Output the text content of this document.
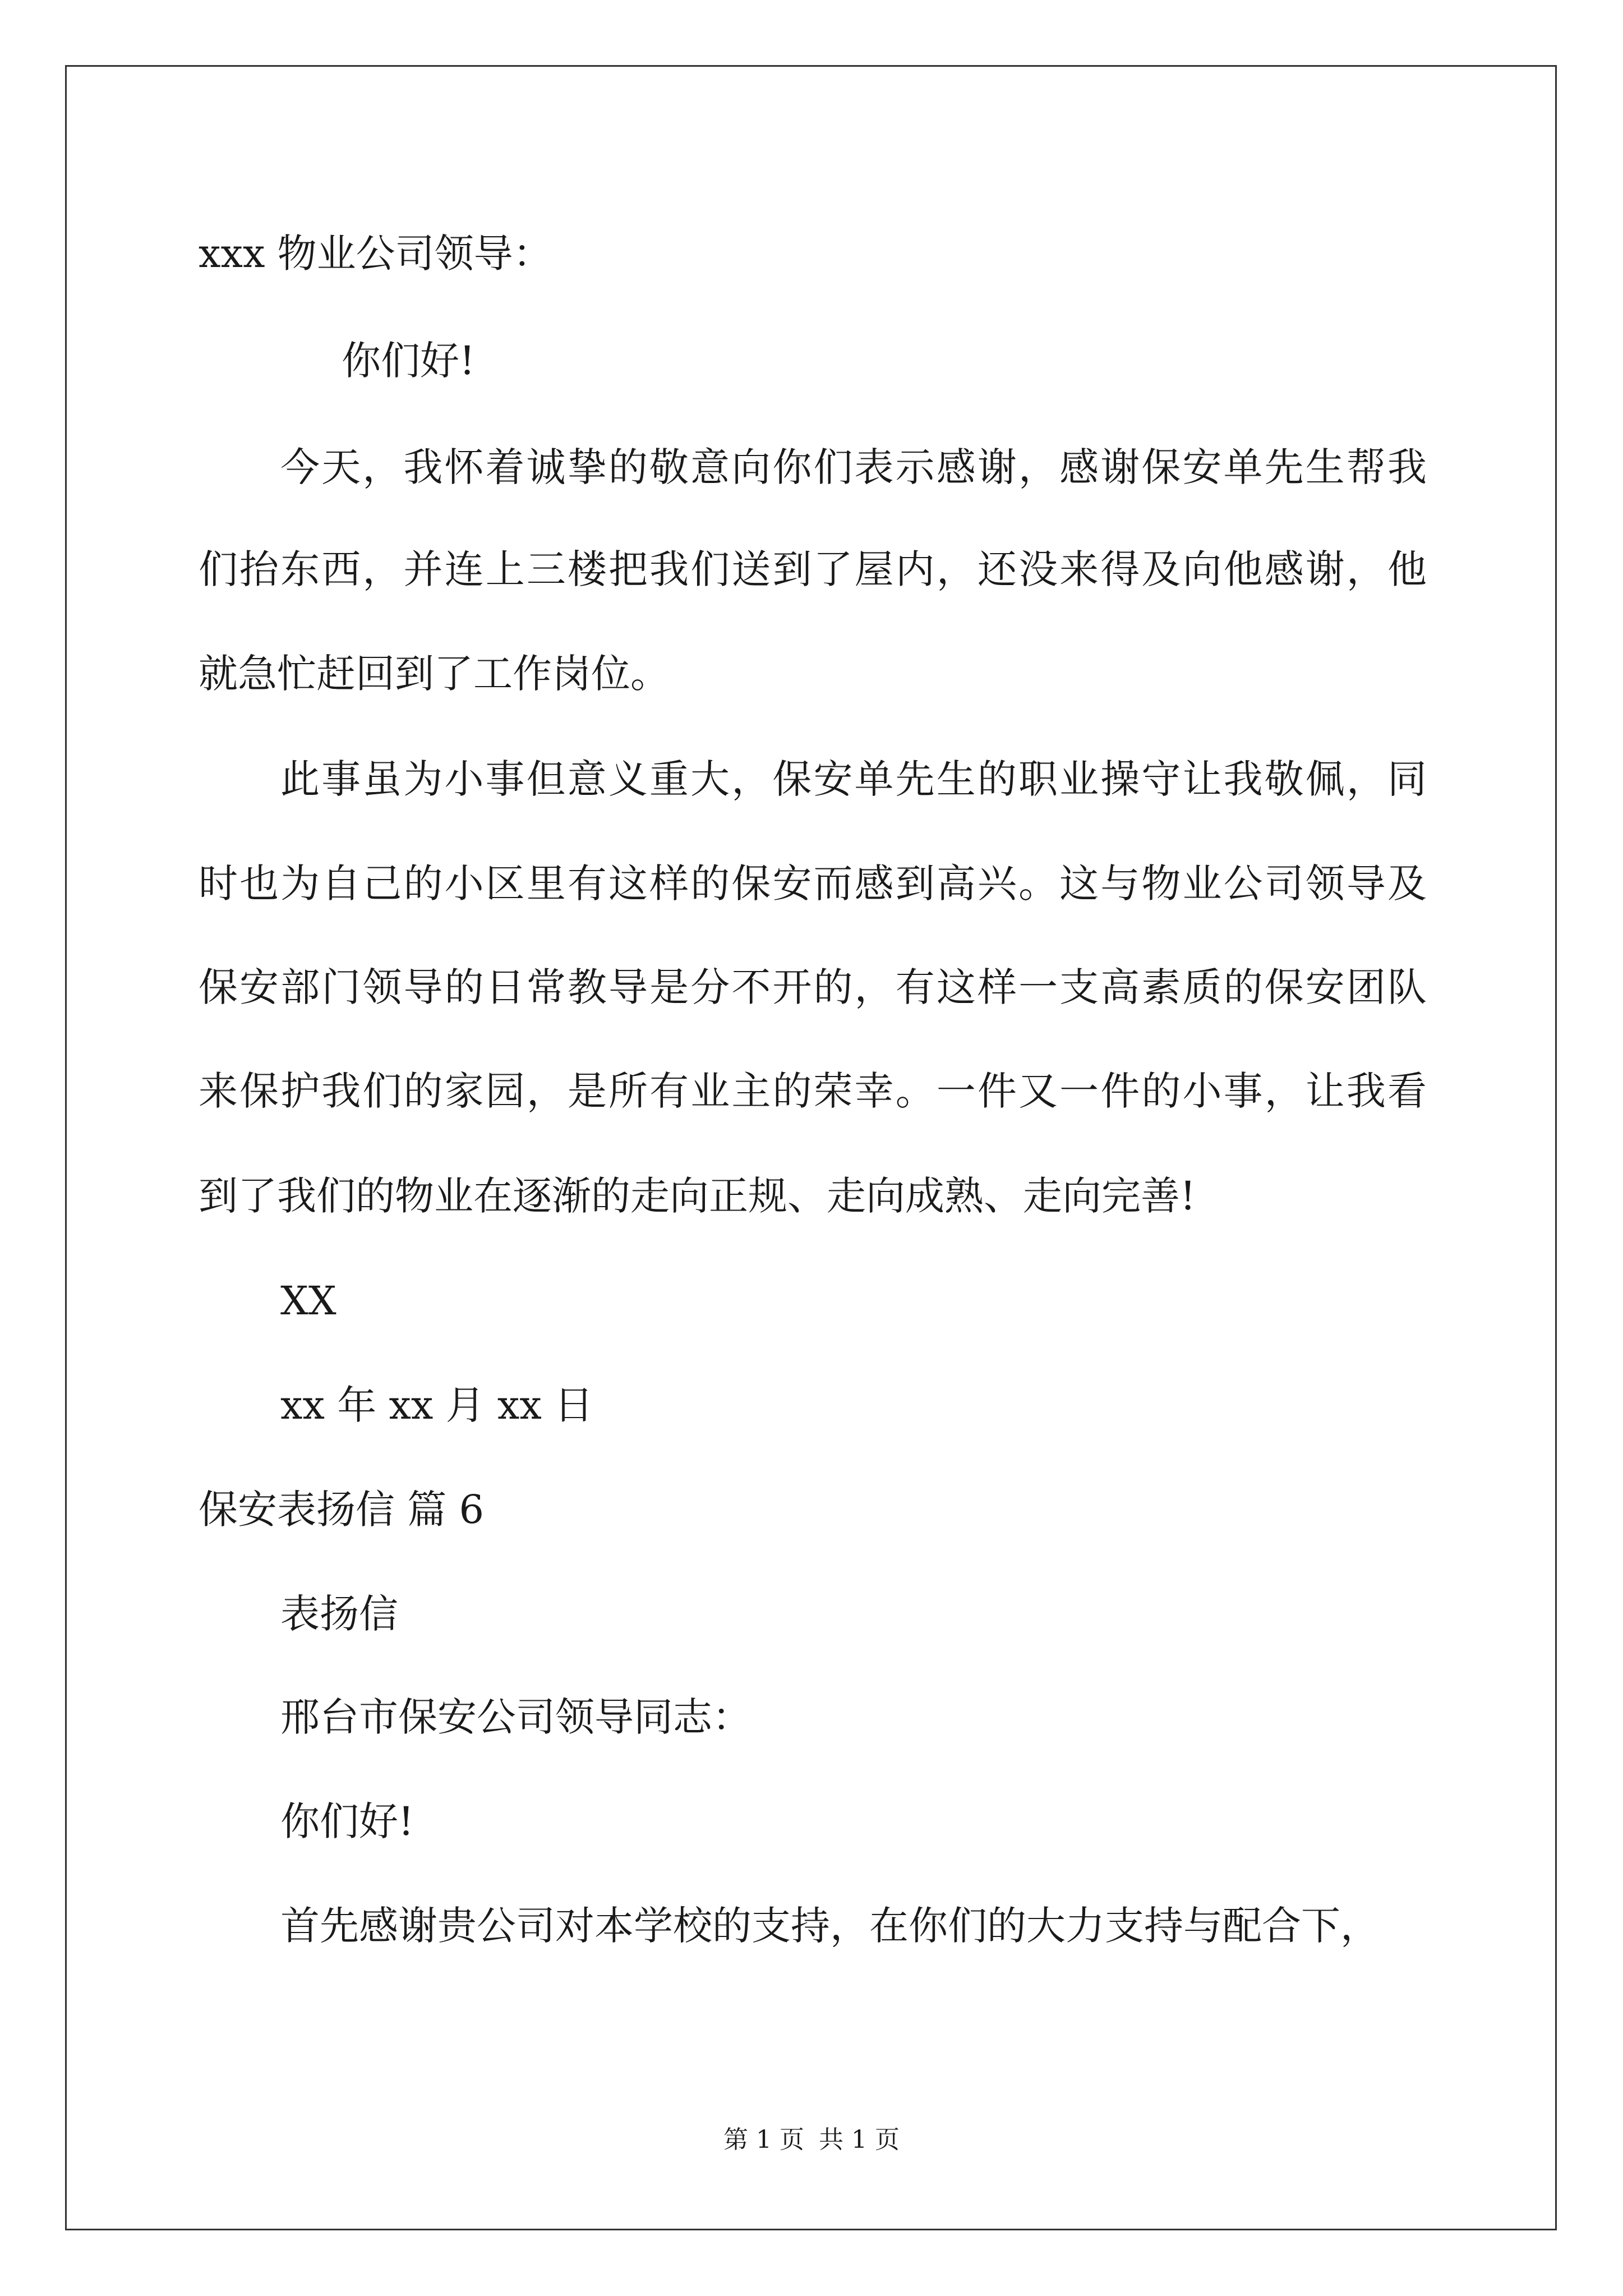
xxx 物业公司领导：
你们好!
今天，我怀着诚挚的敬意向你们表示感谢，感谢保安单先生帮我
们抬东西，并连上三楼把我们送到了屋内，还没来得及向他感谢，他
就急忙赶回到了工作岗位。
此事虽为小事但意义重大，保安单先生的职业操守让我敬佩，同
时也为自己的小区里有这样的保安而感到高兴。这与物业公司领导及
保安部门领导的日常教导是分不开的，有这样一支高素质的保安团队
来保护我们的家园，是所有业主的荣幸。一件又一件的小事，让我看
到了我们的物业在逐渐的走向正规、走向成熟、走向完善!
XX
xx 年 xx 月 xx 日
保安表扬信 篇 6
表扬信
邢台市保安公司领导同志：
你们好!
首先感谢贵公司对本学校的支持，在你们的大力支持与配合下，
第 1 页 共 1 页
